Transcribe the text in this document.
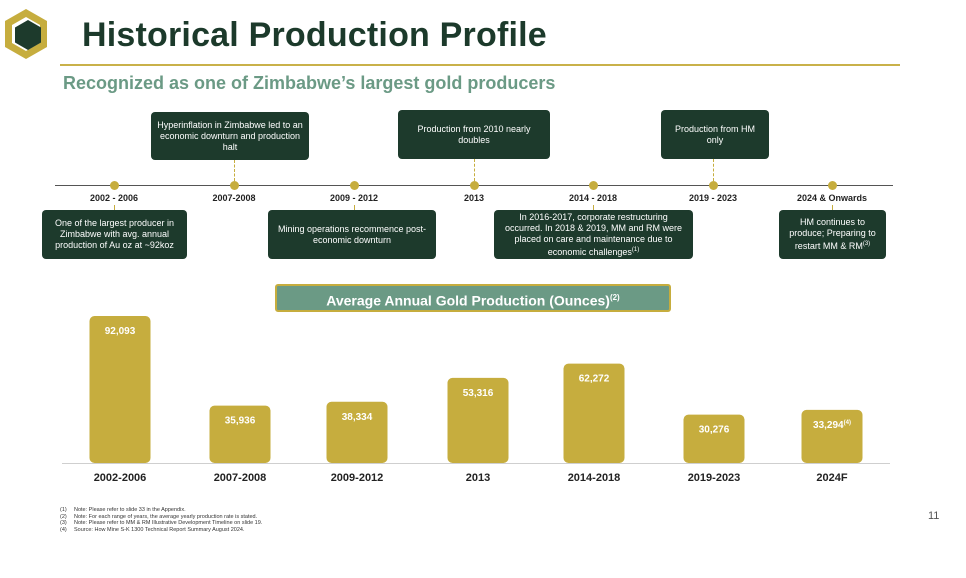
Historical Production Profile
Recognized as one of Zimbabwe’s largest gold producers
2002 - 2006
One of the largest producer in Zimbabwe with avg. annual production of Au oz at ~92koz
2007-2008
Hyperinflation in Zimbabwe led to an economic downturn and production halt
2009 - 2012
Mining operations recommence post-economic downturn
2013
Production from 2010 nearly doubles
2014 - 2018
In 2016-2017, corporate restructuring occurred. In 2018 & 2019, MM and RM were placed on care and maintenance due to economic challenges$^{(1)}$
2019 - 2023
Production from HM only
2024 & Onwards
HM continues to produce; Preparing to restart MM & RM$^{(3)}$
Average Annual Gold Production (Ounces)$^{(2)}$
92,093
2002-2006
35,936
2007-2008
38,334
2009-2012
53,316
2013
62,272
2014-2018
30,276
2019-2023
33,294$^{(4)}$
2024F
(1) Note: Please refer to slide 33 in the Appendix.
(2) Note: For each range of years, the average yearly production rate is stated.
(3) Note: Please refer to MM & RM Illustrative Development Timeline on slide 19.
(4) Source: How Mine S-K 1300 Technical Report Summary August 2024.
11
